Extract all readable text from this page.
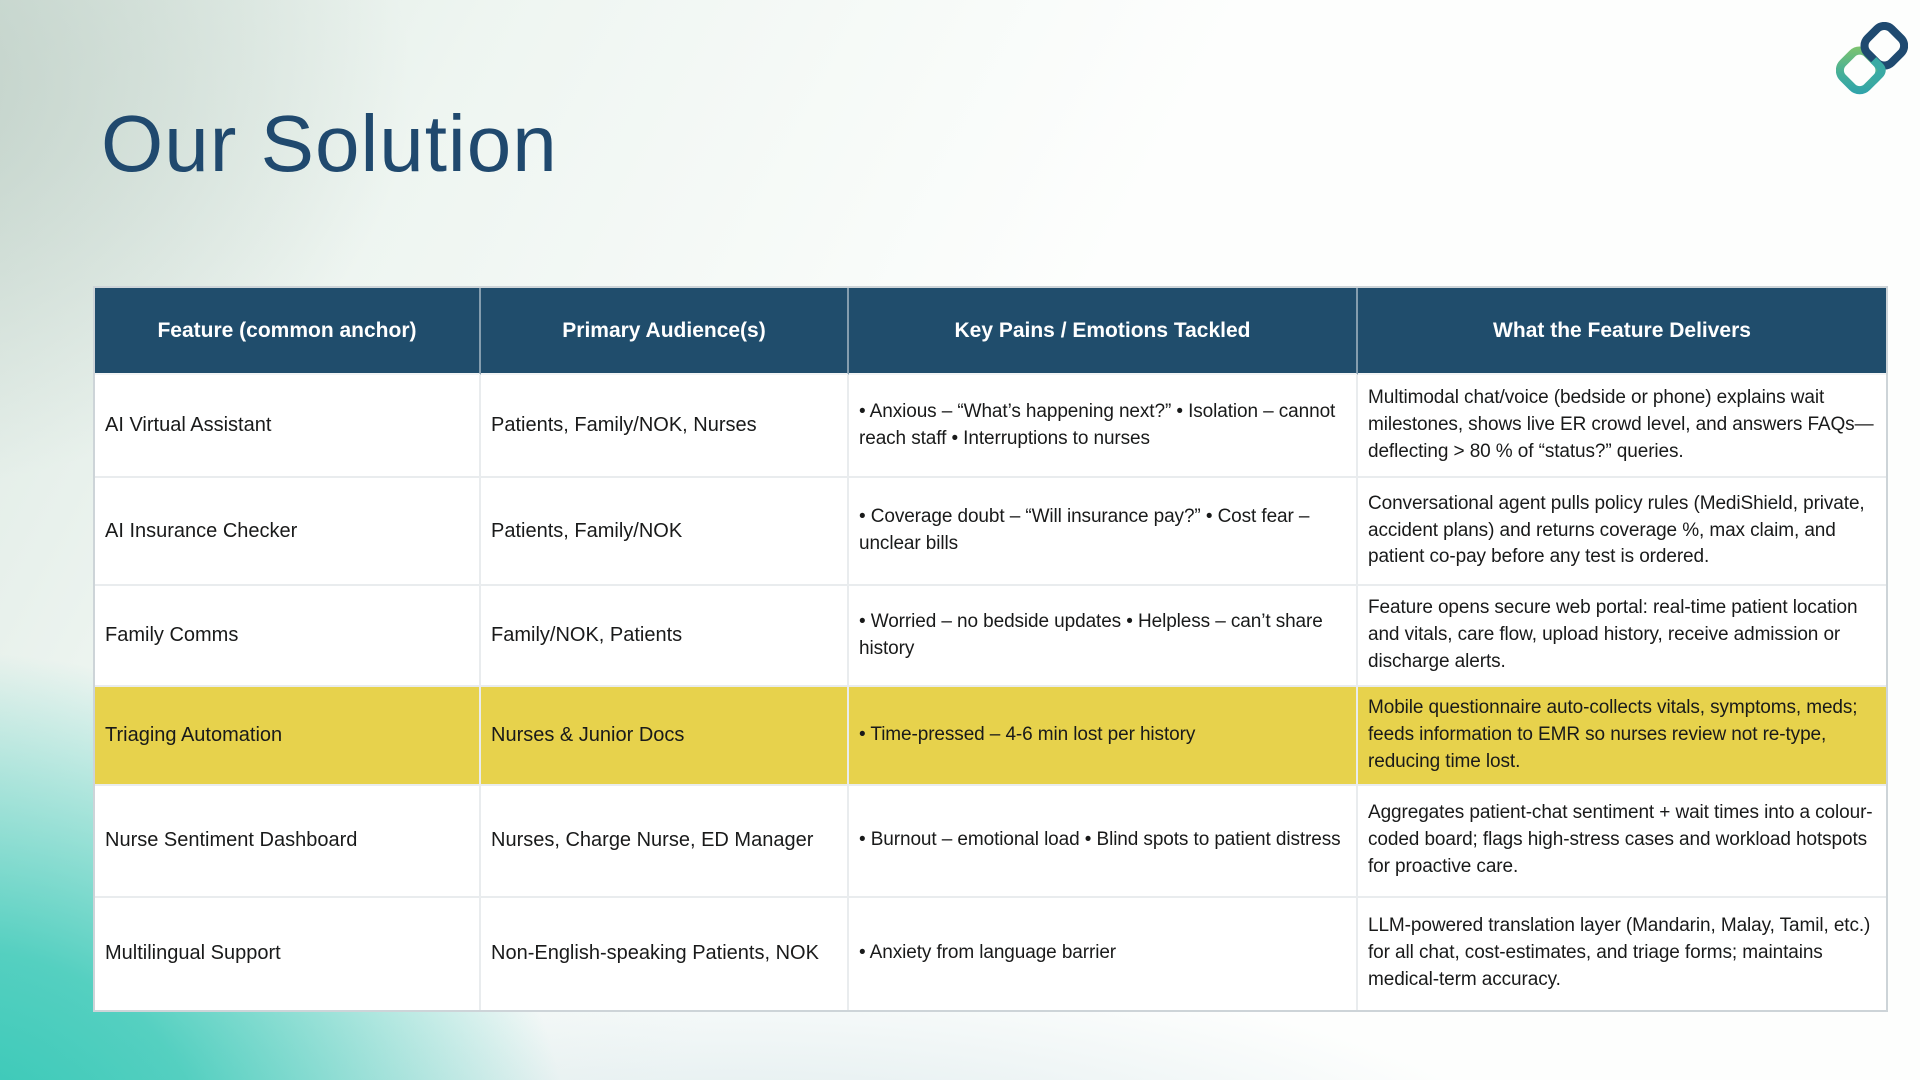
Our Solution
Feature (common anchor)	Primary Audience(s)	Key Pains / Emotions Tackled	What the Feature Delivers
AI Virtual Assistant	Patients, Family/NOK, Nurses	• Anxious – “What’s happening next?” • Isolation – cannot reach staff • Interruptions to nurses	Multimodal chat/voice (bedside or phone) explains wait milestones, shows live ER crowd level, and answers FAQs—deflecting > 80 % of “status?” queries.
AI Insurance Checker	Patients, Family/NOK	• Coverage doubt – “Will insurance pay?” • Cost fear – unclear bills	Conversational agent pulls policy rules (MediShield, private, accident plans) and returns coverage %, max claim, and patient co-pay before any test is ordered.
Family Comms	Family/NOK, Patients	• Worried – no bedside updates • Helpless – can’t share history	Feature opens secure web portal: real-time patient location and vitals, care flow, upload history, receive admission or discharge alerts.
Triaging Automation	Nurses & Junior Docs	• Time-pressed – 4-6 min lost per history	Mobile questionnaire auto-collects vitals, symptoms, meds; feeds information to EMR so nurses review not re-type, reducing time lost.
Nurse Sentiment Dashboard	Nurses, Charge Nurse, ED Manager	• Burnout – emotional load • Blind spots to patient distress	Aggregates patient-chat sentiment + wait times into a colour-coded board; flags high-stress cases and workload hotspots for proactive care.
Multilingual Support	Non-English-speaking Patients, NOK	• Anxiety from language barrier	LLM-powered translation layer (Mandarin, Malay, Tamil, etc.) for all chat, cost-estimates, and triage forms; maintains medical-term accuracy.
